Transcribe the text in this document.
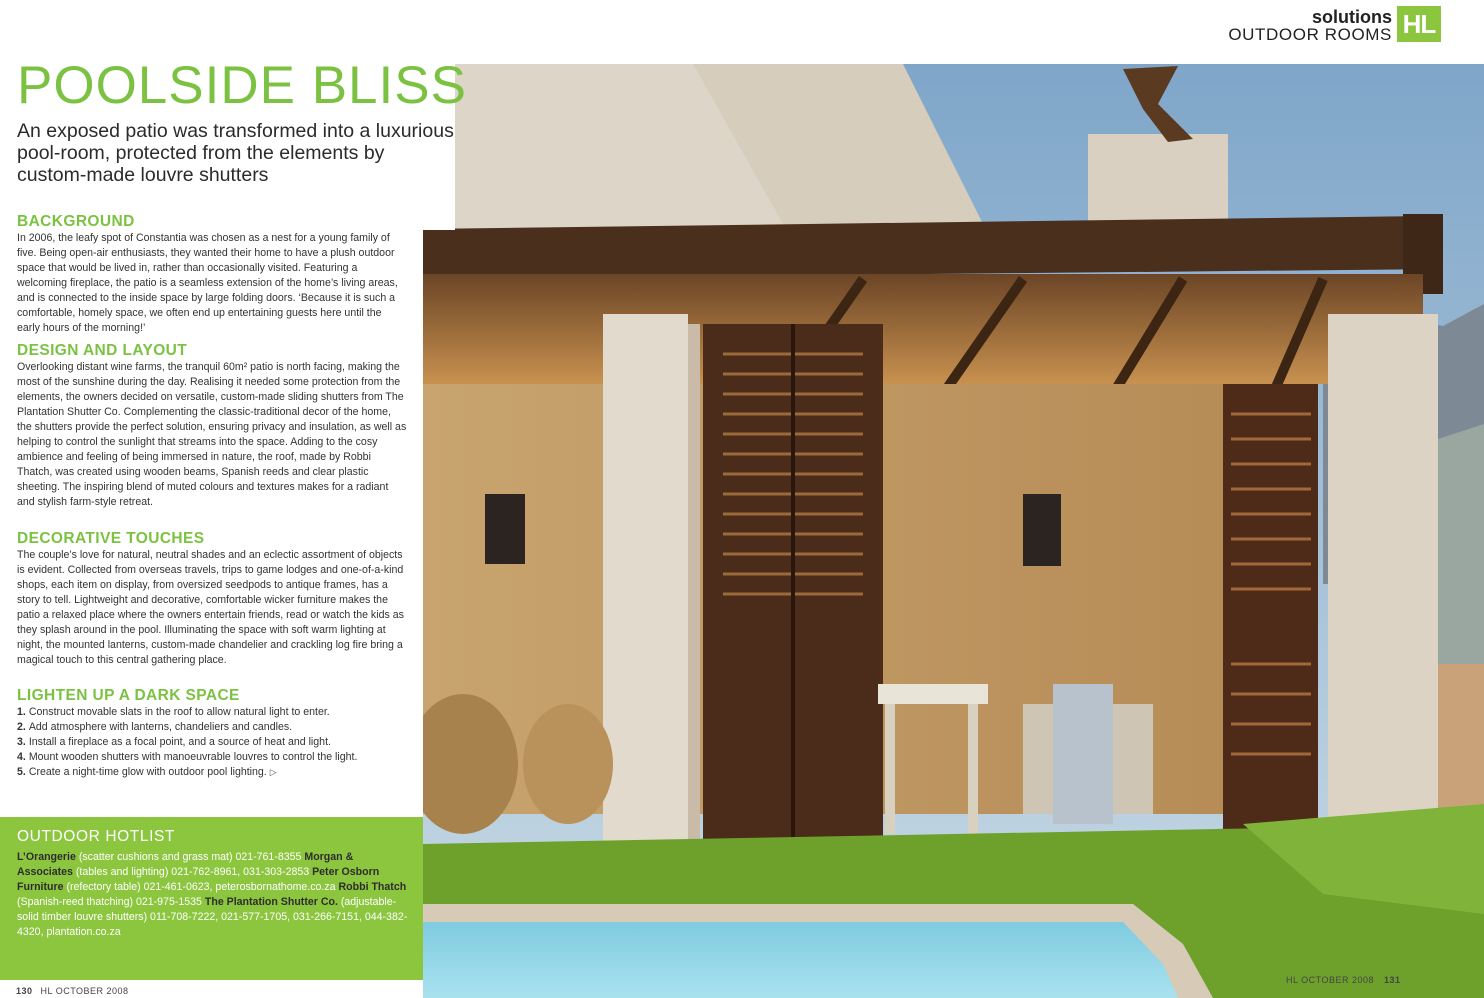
solutions
OUTDOOR ROOMS HL
POOLSIDE BLISS

An exposed patio was transformed into a luxurious pool-room, protected from the elements by custom-made louvre shutters

BACKGROUND

In 2006, the leafy spot of Constantia was chosen as a nest for a young family of five. Being open-air enthusiasts, they wanted their home to have a plush outdoor space that would be lived in, rather than occasionally visited. Featuring a welcoming fireplace, the patio is a seamless extension of the home’s living areas, and is connected to the inside space by large folding doors. ‘Because it is such a comfortable, homely space, we often end up entertaining guests here until the early hours of the morning!’

DESIGN AND LAYOUT

Overlooking distant wine farms, the tranquil 60m² patio is north facing, making the most of the sunshine during the day. Realising it needed some protection from the elements, the owners decided on versatile, custom-made sliding shutters from The Plantation Shutter Co. Complementing the classic-traditional decor of the home, the shutters provide the perfect solution, ensuring privacy and insulation, as well as helping to control the sunlight that streams into the space. Adding to the cosy ambience and feeling of being immersed in nature, the roof, made by Robbi Thatch, was created using wooden beams, Spanish reeds and clear plastic sheeting. The inspiring blend of muted colours and textures makes for a radiant and stylish farm-style retreat.

DECORATIVE TOUCHES

The couple’s love for natural, neutral shades and an eclectic assortment of objects is evident. Collected from overseas travels, trips to game lodges and one-of-a-kind shops, each item on display, from oversized seedpods to antique frames, has a story to tell. Lightweight and decorative, comfortable wicker furniture makes the patio a relaxed place where the owners entertain friends, read or watch the kids as they splash around in the pool. Illuminating the space with soft warm lighting at night, the mounted lanterns, custom-made chandelier and crackling log fire bring a magical touch to this central gathering place.

LIGHTEN UP A DARK SPACE
1. Construct movable slats in the roof to allow natural light to enter.
2. Add atmosphere with lanterns, chandeliers and candles.
3. Install a fireplace as a focal point, and a source of heat and light.
4. Mount wooden shutters with manoeuvrable louvres to control the light.
5. Create a night-time glow with outdoor pool lighting. ▷
OUTDOOR HOTLIST
L’Orangerie (scatter cushions and grass mat) 021-761-8355 Morgan & Associates (tables and lighting) 021-762-8961, 031-303-2853 Peter Osborn Furniture (refectory table) 021-461-0623, peterosbornathome.co.za Robbi Thatch (Spanish-reed thatching) 021-975-1535 The Plantation Shutter Co. (adjustable-solid timber louvre shutters) 011-708-7222, 021-577-1705, 031-266-7151, 044-382-4320, plantation.co.za
130 HL OCTOBER 2008
HL OCTOBER 2008 131
